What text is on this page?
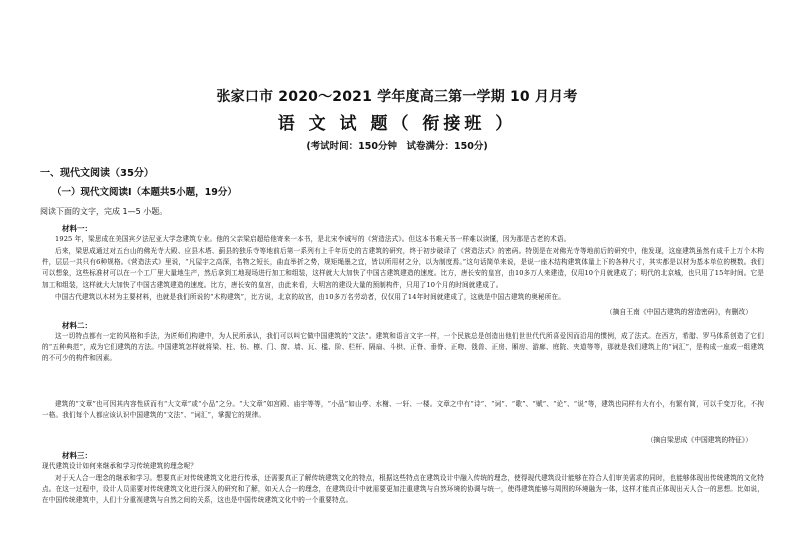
张家口市 2020～2021 学年度高三第一学期 10 月月考
语 文 试 题（ 衔接班 ）
(考试时间：150分钟　试卷满分：150分)
一、现代文阅读（35分）
（一）现代文阅读Ⅰ（本题共5小题，19分）
阅读下面的文字，完成 1—5 小题。
材料一：
1925 年，梁思成在美国宾夕法尼亚大学念建筑专业。他的父亲梁启超给他寄来一本书，是北宋李诫写的《营造法式》。但这本书难天书一样难以读懂，因为那是古老的术语。
后来，梁思成通过对五台山的佛光寺大殿、应县木塔、蓟县的独乐寺等地前后第一系列有上千年历史的古建筑的研究，终于初步破译了《营造法式》的密码。特别是在对佛光寺等地前后的研究中，他发现，这座建筑虽然有成千上万个木构件，层层一共只有6种规格。《营造法式》里说，“凡屋宇之高深，名物之短长，曲直举折之势，规矩绳墨之宜，皆以所用材之分，以为制度焉。”这句话简单来说，是说一座木结构建筑体量上下的各种尺寸，其实都是以材为基本单位的模数。我们可以想象，这些标准材可以在一个工厂里大量地生产，然后拿到工地现场进行加工和组装，这样就大大加快了中国古建筑建造的速度。比方，唐长安的皇宫，由10多万人来建造，仅用10个月就建成了；明代的北京城，也只用了15年时间。它是
加工和组装，这样就大大加快了中国古建筑建造的速度。比方，唐长安的皇宫，由此来看，大明宫的建设大量的预制构件，只用了10个月的时间就建成了。
中国古代建筑以木材为主要材料，也就是我们所说的“木构建筑”，比方说，北京的故宫，由10多万名劳动者，仅仅用了14年时间就建成了，这就是中国古建筑的奥秘所在。
（摘自王南《中国古建筑的营造密码》，有删改）
材料二：
这一切特点都有一定的风格和手法，为匠师们构建中，为人民所承认，我们可以叫它做中国建筑的“文法”。建筑和语言文字一样，一个民族总是创造出他们世世代代所喜爱因而沿用的惯例，成了法式。在西方，希腊、罗马体系创造了它们的“五种典范”，成为它们建筑的方法。中国建筑怎样就将梁、柱、枋、檩、门、窗、墙、瓦、槛、阶、栏杆、隔扇、斗栱、正脊、垂脊、正吻、戗兽、正房、厢房、游廊、庭院、夹道等等，那就是我们建筑上的“词汇”，是构成一座或一组建筑的不可少的构件和因素。
建筑的“文章”也可因其内容性质而有“大文章”或“小品”之分。“大文章”如宫殿、庙宇等等，“小品”如山亭、水榭、一轩、一楼。文章之中有“诗”、“词”、“歌”、“赋”、“论”、“说”等，建筑也同样有大有小，有繁有简，可以千变万化，不拘一格。我们每个人都应该认识中国建筑的“文法”、“词汇”，掌握它的规律。
（摘自梁思成《中国建筑的特征》）
材料三：
现代建筑设计如何来继承和学习传统建筑的理念呢？
对于天人合一理念的继承和学习。想要真正对传统建筑文化进行传承，还需要真正了解传统建筑文化的特点，根据这些特点在建筑设计中融入传统的理念，使得现代建筑设计能够在符合人们审美需求的同时，也能够体现出传统建筑的文化特点。在这一过程中，设计人员需要对传统建筑文化进行深入的研究和了解，如天人合一的理念，在建筑设计中就需要更加注重建筑与自然环境的协调与统一，使得建筑能够与周围的环境融为一体，这样才能真正体现出天人合一的思想。比如说，在中国传统建筑中，人们十分重视建筑与自然之间的关系，这也是中国传统建筑文化中的一个重要特点。
